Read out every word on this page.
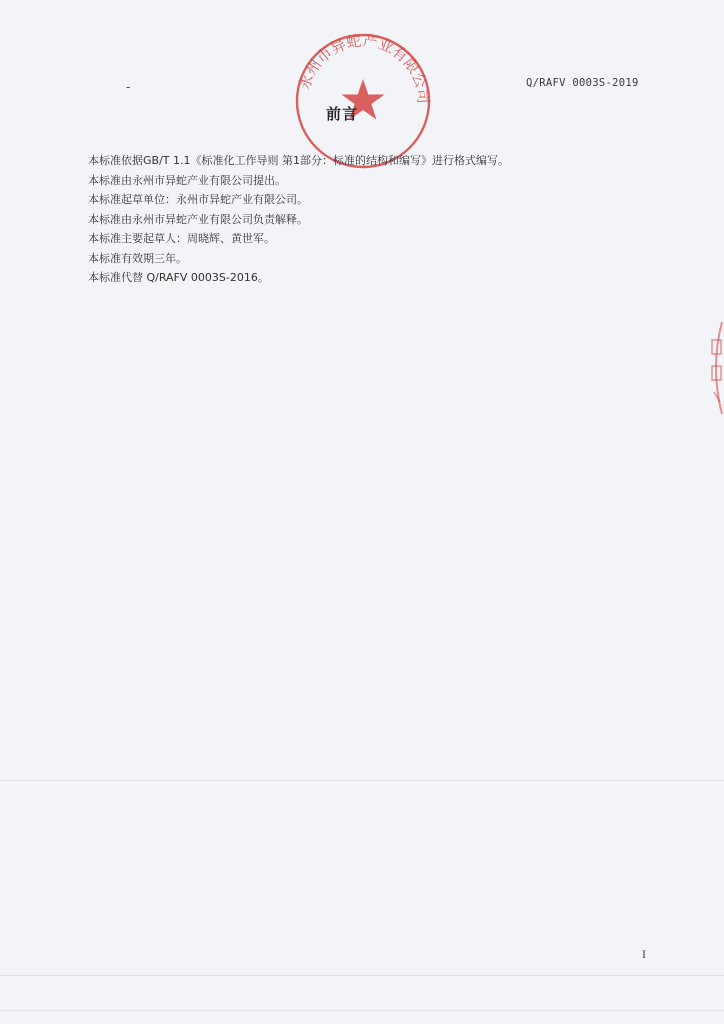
-	Q/RAFV 0003S-2019
永州市异蛇产业有限公司
前言
本标准依据GB/T 1.1《标准化工作导则 第1部分：标准的结构和编写》进行格式编写。
本标准由永州市异蛇产业有限公司提出。
本标准起草单位：永州市异蛇产业有限公司。
本标准由永州市异蛇产业有限公司负责解释。
本标准主要起草人：周晓辉、黄世军。
本标准有效期三年。
本标准代替 Q/RAFV 0003S-2016。
I
